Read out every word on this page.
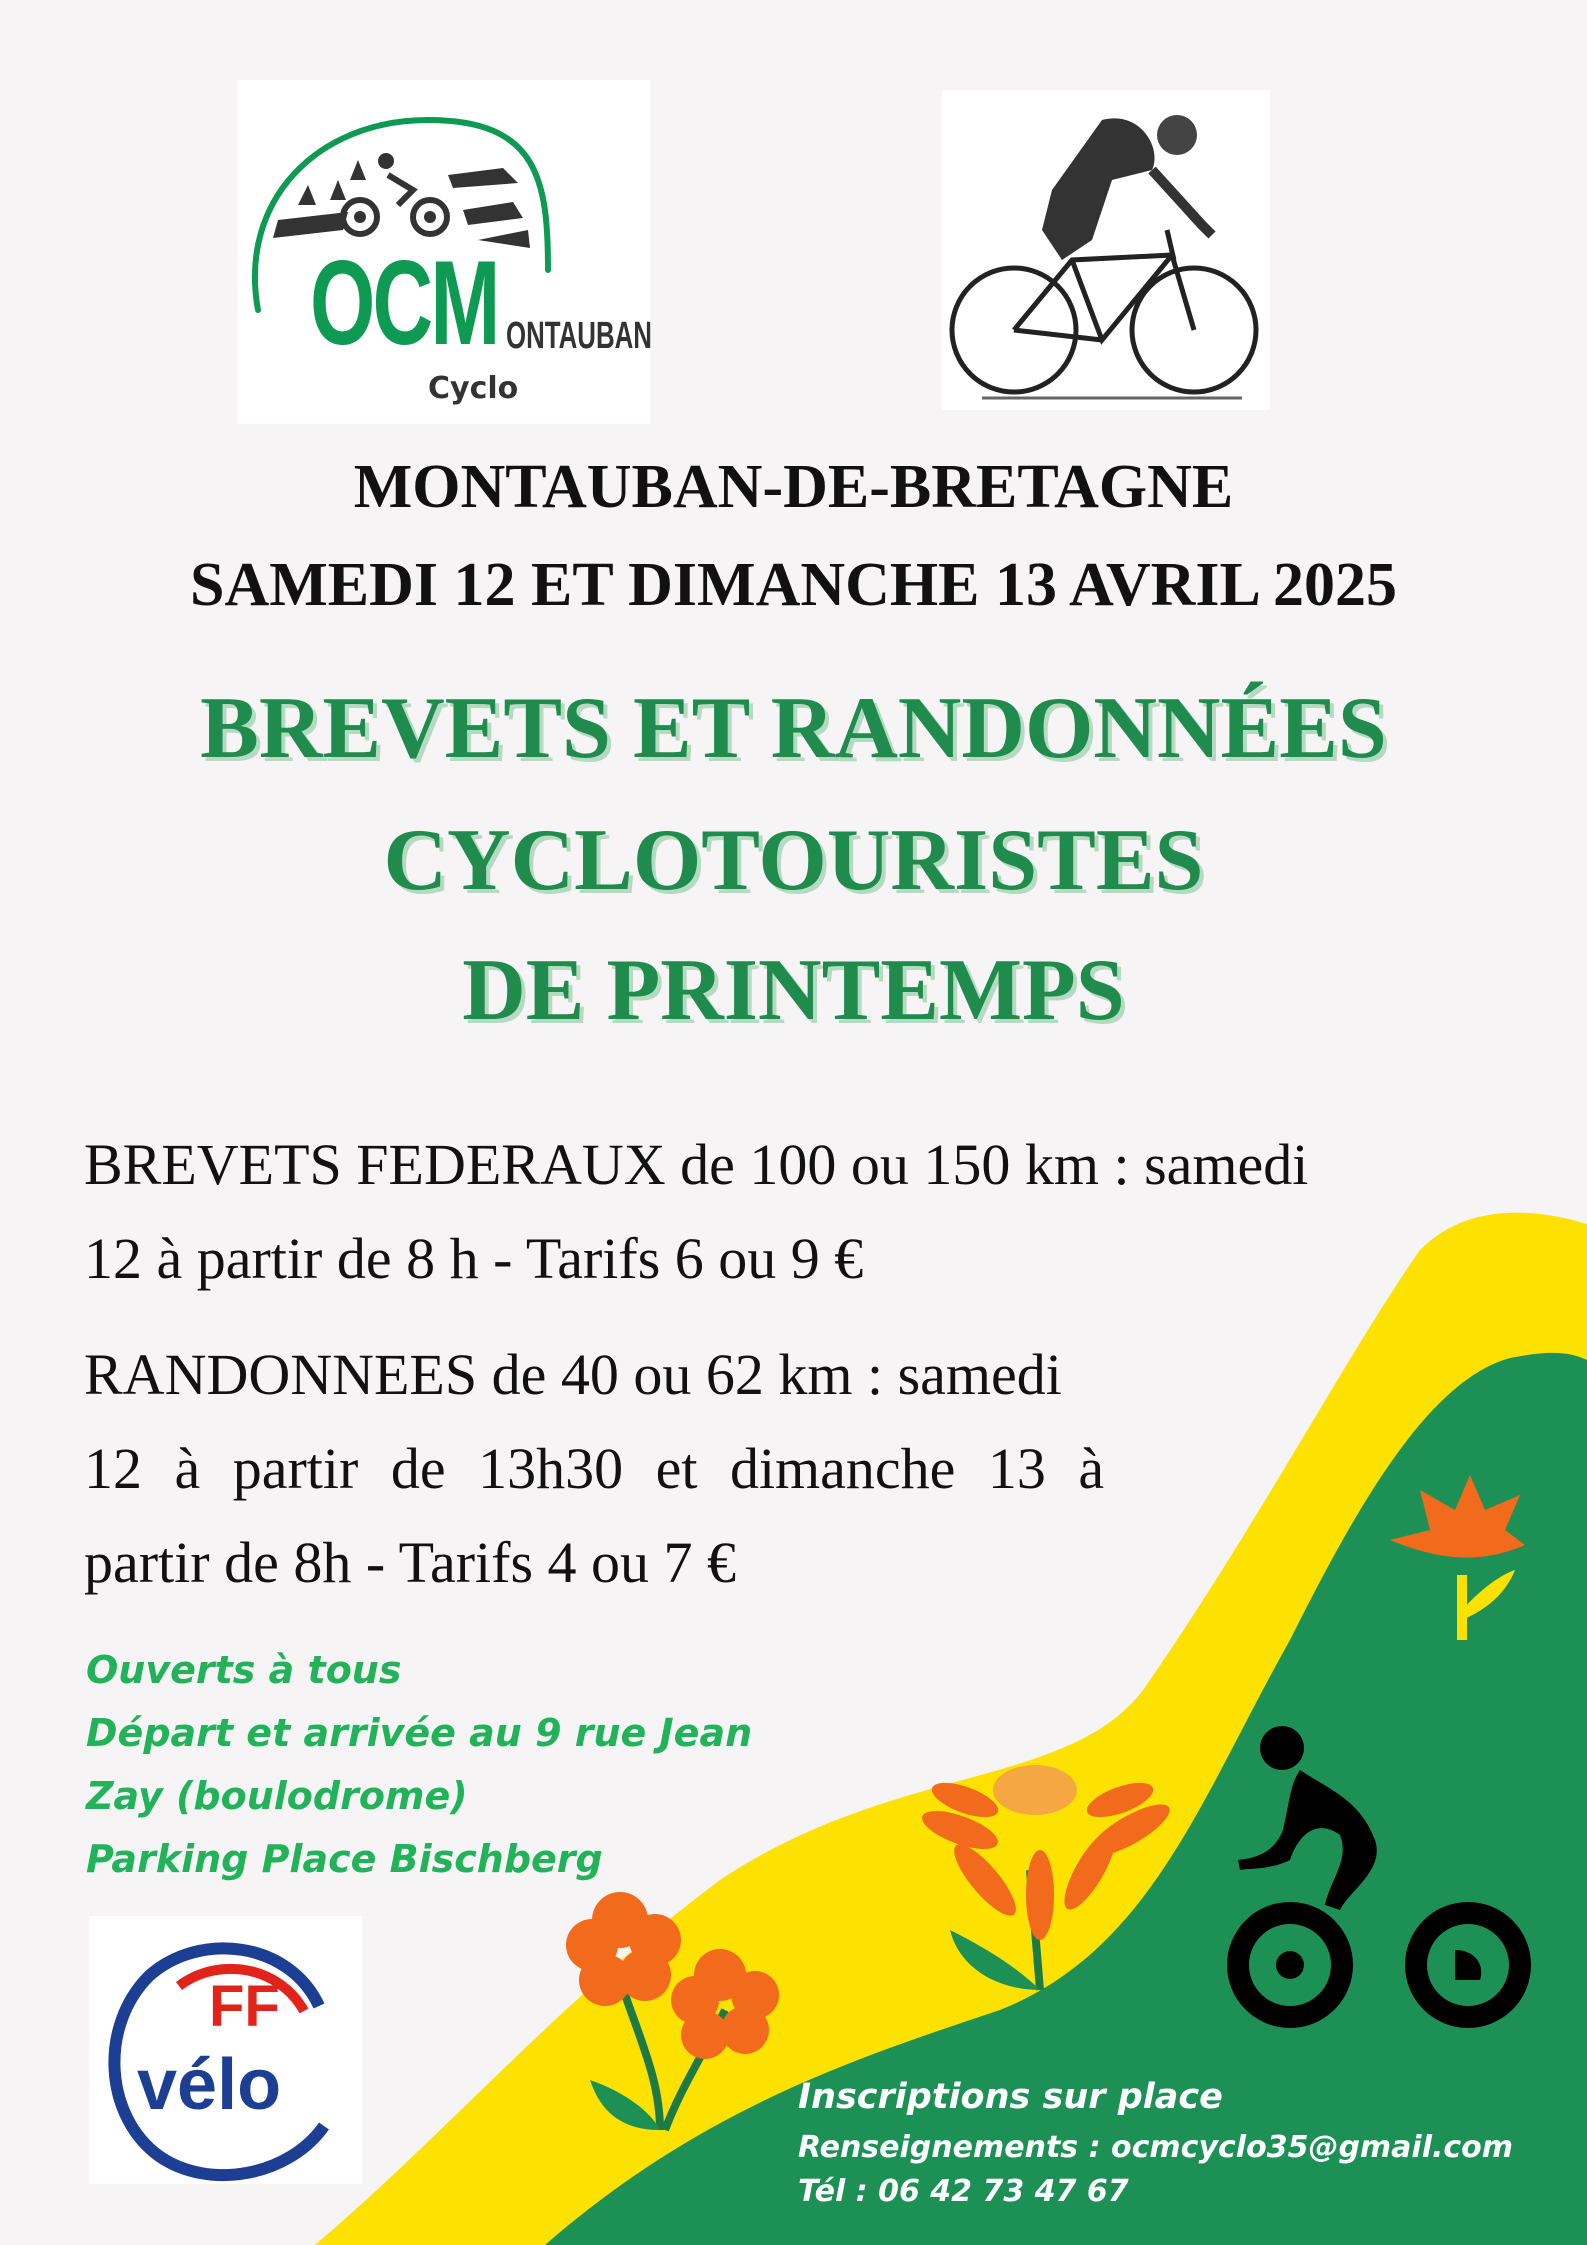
OCM ONTAUBAN
Cyclo
MONTAUBAN-DE-BRETAGNE
SAMEDI 12 ET DIMANCHE 13 AVRIL 2025
BREVETS ET RANDONNÉES
CYCLOTOURISTES
DE PRINTEMPS
BREVETS FEDERAUX de 100 ou 150 km : samedi
12 à partir de 8 h - Tarifs 6 ou 9 €
RANDONNEES de 40 ou 62 km : samedi
12 à partir de 13h30 et dimanche 13 à
partir de 8h - Tarifs 4 ou 7 €
Ouverts à tous
Départ et arrivée au 9 rue Jean
Zay (boulodrome)
Parking Place Bischberg
FF
vélo	Inscriptions sur place
Renseignements : ocmcyclo35@gmail.com
Tél : 06 42 73 47 67
